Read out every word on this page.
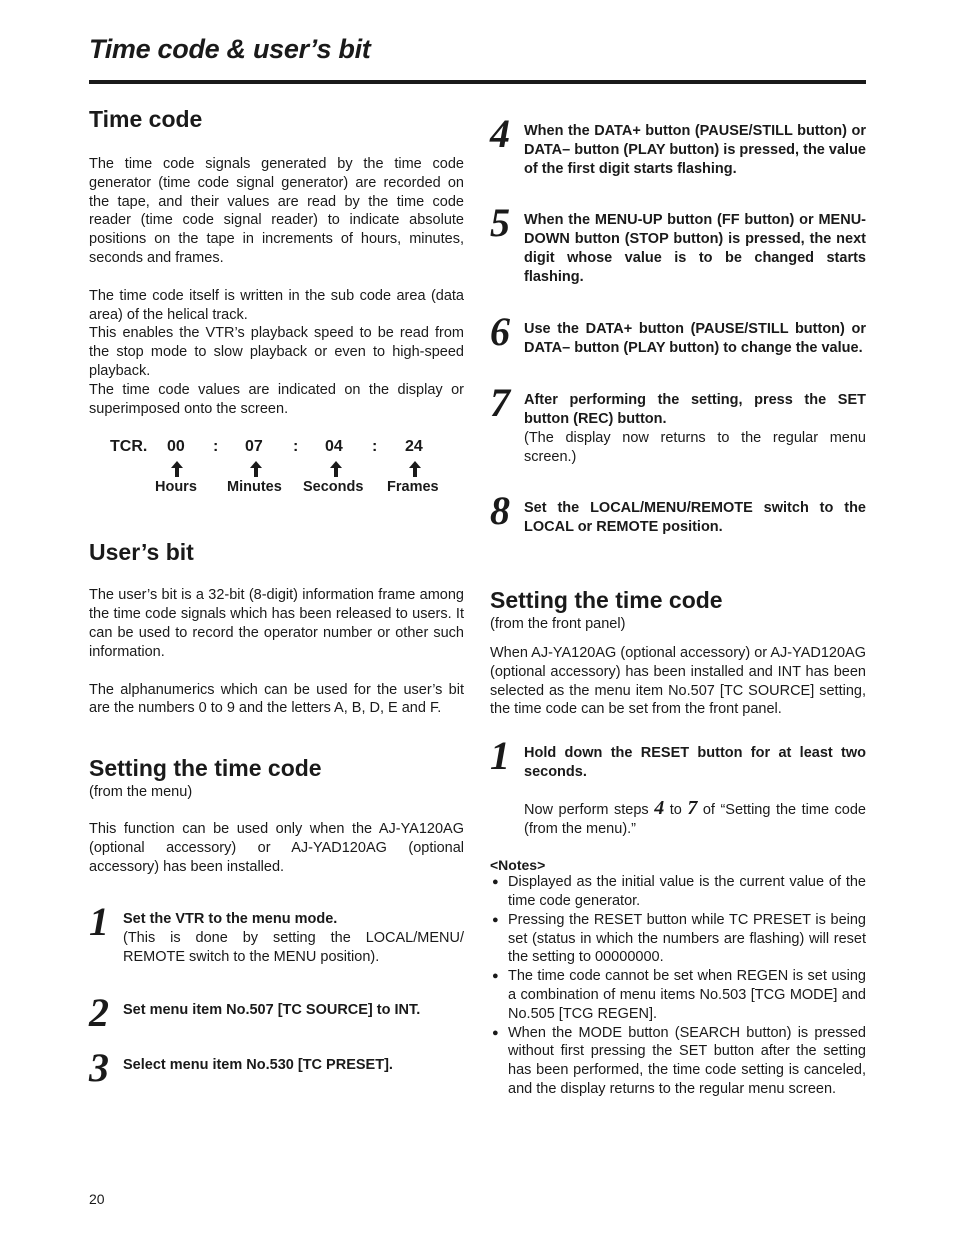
Time code & user’s bit
Time code

The time code signals generated by the time code generator (time code signal generator) are recorded on the tape, and their values are read by the time code reader (time code signal reader) to indicate absolute positions on the tape in increments of hours, minutes, seconds and frames.

The time code itself is written in the sub code area (data area) of the helical track.

This enables the VTR’s playback speed to be read from the stop mode to slow playback or even to high-speed playback.

The time code values are indicated on the display or superimposed onto the screen.

TCR. 00 : 07 : 04 : 24
Hours Minutes Seconds Frames
User’s bit

The user’s bit is a 32-bit (8-digit) information frame among the time code signals which has been released to users. It can be used to record the operator number or other such information.

The alphanumerics which can be used for the user’s bit are the numbers 0 to 9 and the letters A, B, D, E and F.

Setting the time code
(from the menu)

This function can be used only when the AJ-YA120AG (optional accessory) or AJ-YAD120AG (optional accessory) has been installed.

1 Set the VTR to the menu mode.

(This is done by setting the LOCAL/MENU/ REMOTE switch to the MENU position).

2 Set menu item No.507 [TC SOURCE] to INT.

3 Select menu item No.530 [TC PRESET].

4 When the DATA+ button (PAUSE/STILL button) or DATA– button (PLAY button) is pressed, the value of the first digit starts flashing.

5 When the MENU-UP button (FF button) or MENU-DOWN button (STOP button) is pressed, the next digit whose value is to be changed starts flashing.

6 Use the DATA+ button (PAUSE/STILL button) or DATA– button (PLAY button) to change the value.

7 After performing the setting, press the SET button (REC) button.

(The display now returns to the regular menu screen.)

8 Set the LOCAL/MENU/REMOTE switch to the LOCAL or REMOTE position.

Setting the time code
(from the front panel)

When AJ-YA120AG (optional accessory) or AJ-YAD120AG (optional accessory) has been installed and INT has been selected as the menu item No.507 [TC SOURCE] setting, the time code can be set from the front panel.

1 Hold down the RESET button for at least two seconds.

Now perform steps 4 to 7 of “Setting the time code (from the menu).”

<Notes>
● Displayed as the initial value is the current value of the time code generator.
● Pressing the RESET button while TC PRESET is being set (status in which the numbers are flashing) will reset the setting to 00000000.
● The time code cannot be set when REGEN is set using a combination of menu items No.503 [TCG MODE] and No.505 [TCG REGEN].
● When the MODE button (SEARCH button) is pressed without first pressing the SET button after the setting has been performed, the time code setting is canceled, and the display returns to the regular menu screen.
20
